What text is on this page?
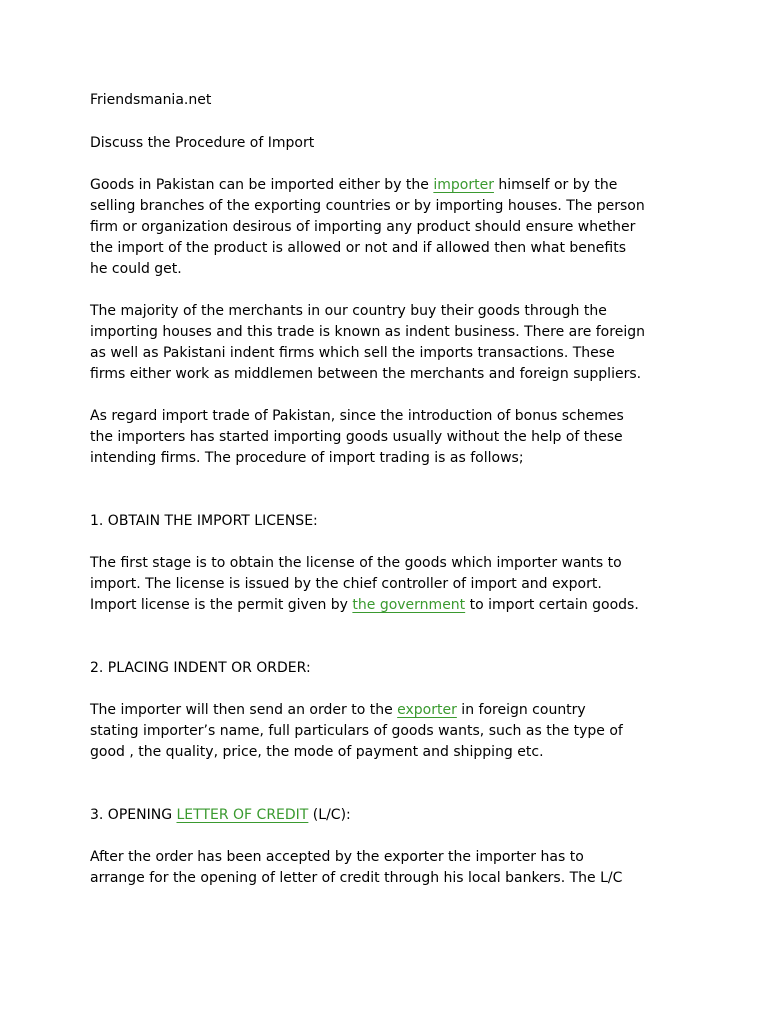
Friendsmania.net
Discuss the Procedure of Import
Goods in Pakistan can be imported either by the importer himself or by the
selling branches of the exporting countries or by importing houses. The person
firm or organization desirous of importing any product should ensure whether
the import of the product is allowed or not and if allowed then what benefits
he could get.
The majority of the merchants in our country buy their goods through the
importing houses and this trade is known as indent business. There are foreign
as well as Pakistani indent firms which sell the imports transactions. These
firms either work as middlemen between the merchants and foreign suppliers.
As regard import trade of Pakistan, since the introduction of bonus schemes
the importers has started importing goods usually without the help of these
intending firms. The procedure of import trading is as follows;
1. OBTAIN THE IMPORT LICENSE:
The first stage is to obtain the license of the goods which importer wants to
import. The license is issued by the chief controller of import and export.
Import license is the permit given by the government to import certain goods.
2. PLACING INDENT OR ORDER:
The importer will then send an order to the exporter in foreign country
stating importer’s name, full particulars of goods wants, such as the type of
good , the quality, price, the mode of payment and shipping etc.
3. OPENING LETTER OF CREDIT (L/C):
After the order has been accepted by the exporter the importer has to
arrange for the opening of letter of credit through his local bankers. The L/C
